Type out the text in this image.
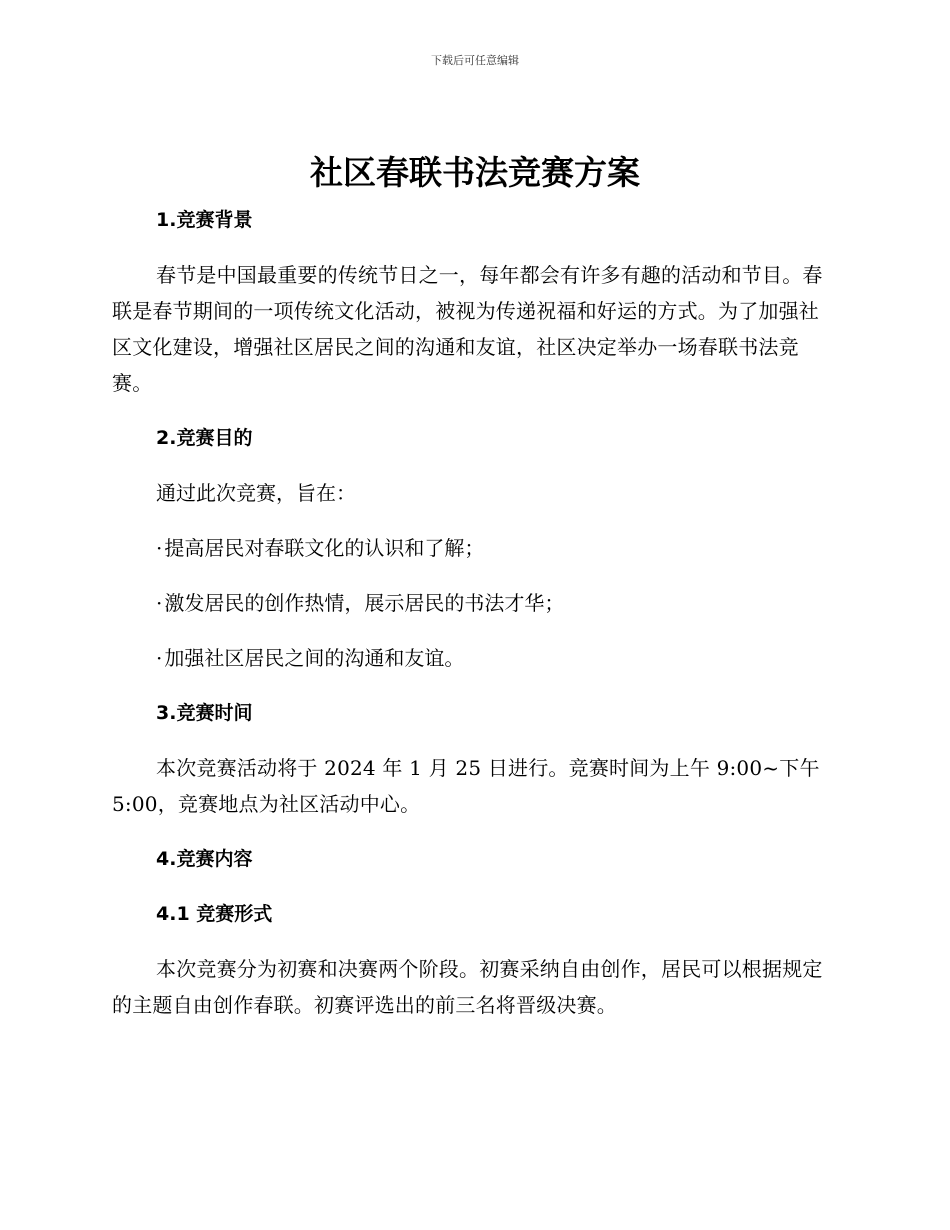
下载后可任意编辑
社区春联书法竞赛方案
1.竞赛背景

春节是中国最重要的传统节日之一，每年都会有许多有趣的活动和节目。春联是春节期间的一项传统文化活动，被视为传递祝福和好运的方式。为了加强社区文化建设，增强社区居民之间的沟通和友谊，社区决定举办一场春联书法竞赛。

2.竞赛目的
通过此次竞赛，旨在：
· 提高居民对春联文化的认识和了解；
· 激发居民的创作热情，展示居民的书法才华；
· 加强社区居民之间的沟通和友谊。
3.竞赛时间

本次竞赛活动将于 2024 年 1 月 25 日进行。竞赛时间为上午 9:00~下午 5:00，竞赛地点为社区活动中心。

4.竞赛内容
4.1 竞赛形式

本次竞赛分为初赛和决赛两个阶段。初赛采纳自由创作，居民可以根据规定的主题自由创作春联。初赛评选出的前三名将晋级决赛。
